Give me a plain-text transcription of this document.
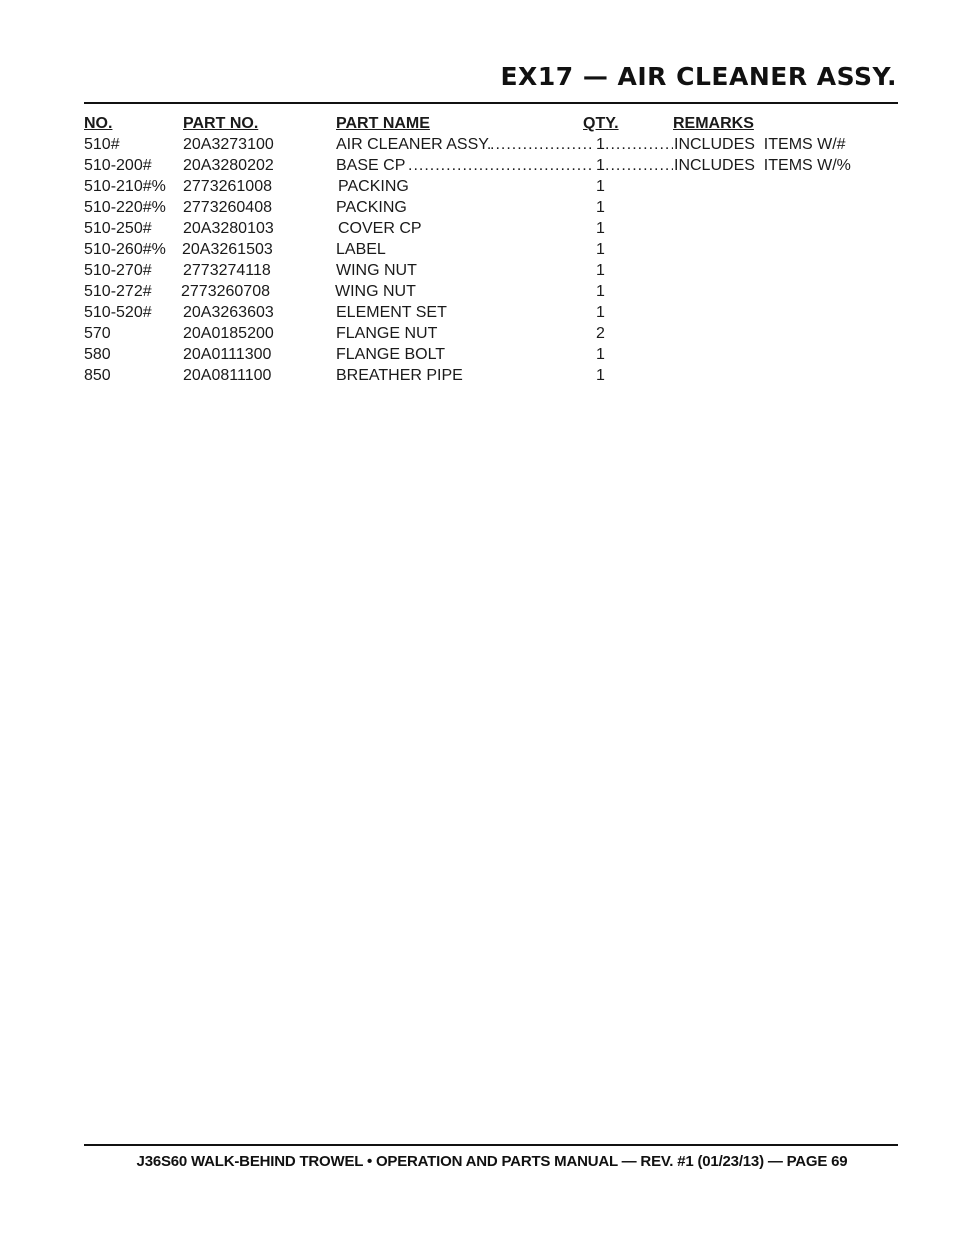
EX17 — AIR CLEANER ASSY.
NO.	PART NO.	PART NAME	QTY.	REMARKS
510#	20A3273100	AIR CLEANER ASSY. .....	1 .....	INCLUDES  ITEMS W/#
510-200# 20A3280202	BASE CP .....	1 .....	INCLUDES  ITEMS W/%
510-210#% 2773261008	PACKING	1
510-220#% 2773260408	PACKING	1
510-250# 20A3280103	COVER CP	1
510-260#% 20A3261503	LABEL	1
510-270# 2773274118	WING NUT	1
510-272# 2773260708	WING NUT	1
510-520# 20A3263603	ELEMENT SET	1
570	20A0185200	FLANGE NUT	2
580	20A0111300	FLANGE BOLT	1
850	20A0811100	BREATHER PIPE	1
J36S60 WALK-BEHIND TROWEL • OPERATION AND PARTS MANUAL — REV. #1 (01/23/13) — PAGE 69
